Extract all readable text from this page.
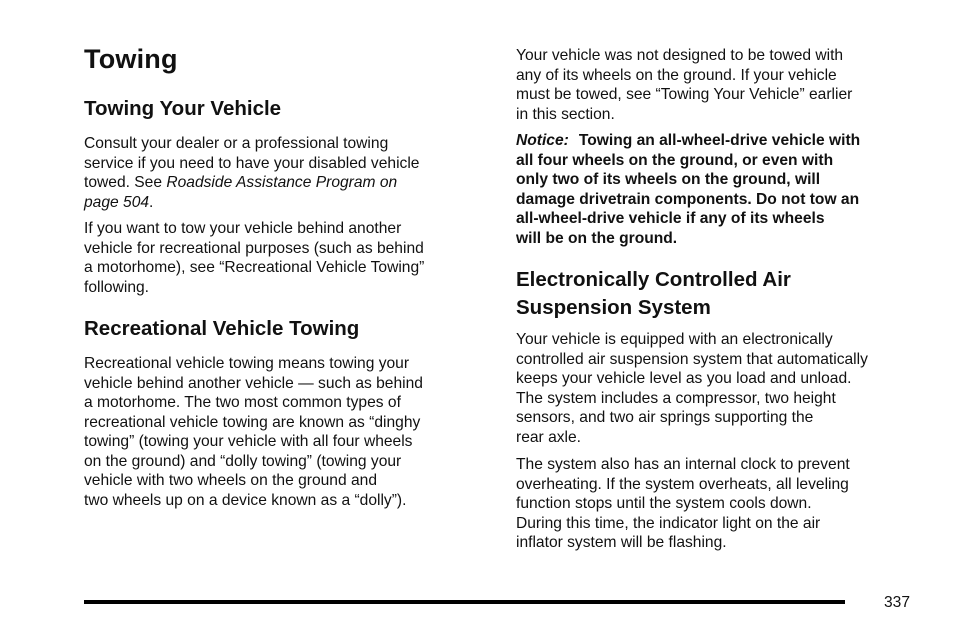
Towing
Towing Your Vehicle

Consult your dealer or a professional towing
service if you need to have your disabled vehicle
towed. See Roadside Assistance Program on
page 504.

If you want to tow your vehicle behind another
vehicle for recreational purposes (such as behind
a motorhome), see “Recreational Vehicle Towing”
following.

Recreational Vehicle Towing

Recreational vehicle towing means towing your
vehicle behind another vehicle — such as behind
a motorhome. The two most common types of
recreational vehicle towing are known as “dinghy
towing” (towing your vehicle with all four wheels
on the ground) and “dolly towing” (towing your
vehicle with two wheels on the ground and
two wheels up on a device known as a “dolly”).

Your vehicle was not designed to be towed with
any of its wheels on the ground. If your vehicle
must be towed, see “Towing Your Vehicle” earlier
in this section.

Notice: Towing an all-wheel-drive vehicle with
all four wheels on the ground, or even with
only two of its wheels on the ground, will
damage drivetrain components. Do not tow an
all-wheel-drive vehicle if any of its wheels
will be on the ground.

Electronically Controlled Air
Suspension System

Your vehicle is equipped with an electronically
controlled air suspension system that automatically
keeps your vehicle level as you load and unload.
The system includes a compressor, two height
sensors, and two air springs supporting the
rear axle.

The system also has an internal clock to prevent
overheating. If the system overheats, all leveling
function stops until the system cools down.
During this time, the indicator light on the air
inflator system will be flashing.

337
